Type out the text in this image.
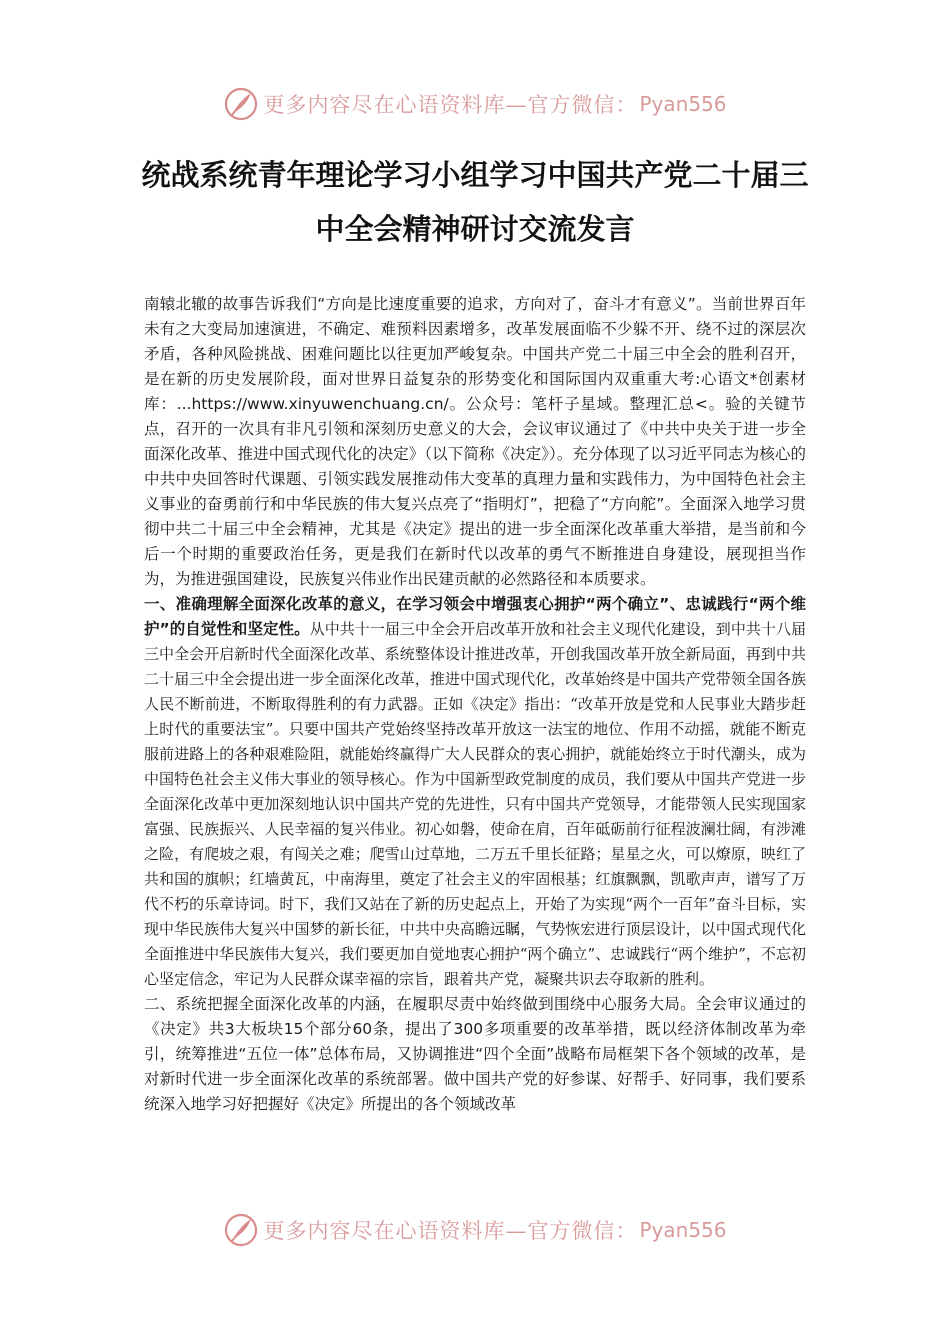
更多内容尽在心语资料库—官方微信： Pyan556
统战系统青年理论学习小组学习中国共产党二十届三中全会精神研讨交流发言

南辕北辙的故事告诉我们“方向是比速度重要的追求，方向对了，奋斗才有意义”。当前世界百年未有之大变局加速演进，不确定、难预料因素增多，改革发展面临不少躲不开、绕不过的深层次矛盾，各种风险挑战、困难问题比以往更加严峻复杂。中国共产党二十届三中全会的胜利召开，是在新的历史发展阶段，面对世界日益复杂的形势变化和国际国内双重重大考:心语文*创素材库：...https://www.xinyuwenchuang.cn/。公众号：笔杆子星域。整理汇总<。验的关键节点，召开的一次具有非凡引领和深刻历史意义的大会，会议审议通过了《中共中央关于进一步全面深化改革、推进中国式现代化的决定》（以下简称《决定》）。充分体现了以习近平同志为核心的中共中央回答时代课题、引领实践发展推动伟大变革的真理力量和实践伟力，为中国特色社会主义事业的奋勇前行和中华民族的伟大复兴点亮了“指明灯”，把稳了“方向舵”。全面深入地学习贯彻中共二十届三中全会精神，尤其是《决定》提出的进一步全面深化改革重大举措，是当前和今后一个时期的重要政治任务，更是我们在新时代以改革的勇气不断推进自身建设，展现担当作为，为推进强国建设，民族复兴伟业作出民建贡献的必然路径和本质要求。

一、准确理解全面深化改革的意义，在学习领会中增强衷心拥护“两个确立”、忠诚践行“两个维护”的自觉性和坚定性。从中共十一届三中全会开启改革开放和社会主义现代化建设，到中共十八届三中全会开启新时代全面深化改革、系统整体设计推进改革，开创我国改革开放全新局面，再到中共二十届三中全会提出进一步全面深化改革，推进中国式现代化，改革始终是中国共产党带领全国各族人民不断前进，不断取得胜利的有力武器。正如《决定》指出：“改革开放是党和人民事业大踏步赶上时代的重要法宝”。只要中国共产党始终坚持改革开放这一法宝的地位、作用不动摇，就能不断克服前进路上的各种艰难险阻，就能始终赢得广大人民群众的衷心拥护，就能始终立于时代潮头，成为中国特色社会主义伟大事业的领导核心。作为中国新型政党制度的成员，我们要从中国共产党进一步全面深化改革中更加深刻地认识中国共产党的先进性，只有中国共产党领导，才能带领人民实现国家富强、民族振兴、人民幸福的复兴伟业。初心如磐，使命在肩，百年砥砺前行征程波澜壮阔，有涉滩之险，有爬坡之艰，有闯关之难；爬雪山过草地，二万五千里长征路；星星之火，可以燎原，映红了共和国的旗帜；红墙黄瓦，中南海里，奠定了社会主义的牢固根基；红旗飘飘，凯歌声声，谱写了万代不朽的乐章诗词。时下，我们又站在了新的历史起点上，开始了为实现“两个一百年”奋斗目标，实现中华民族伟大复兴中国梦的新长征，中共中央高瞻远瞩，气势恢宏进行顶层设计，以中国式现代化全面推进中华民族伟大复兴，我们要更加自觉地衷心拥护“两个确立”、忠诚践行“两个维护”，不忘初心坚定信念，牢记为人民群众谋幸福的宗旨，跟着共产党，凝聚共识去夺取新的胜利。

二、系统把握全面深化改革的内涵，在履职尽责中始终做到围绕中心服务大局。全会审议通过的《决定》共3大板块15个部分60条，提出了300多项重要的改革举措，既以经济体制改革为牵引，统筹推进“五位一体”总体布局，又协调推进“四个全面”战略布局框架下各个领域的改革，是对新时代进一步全面深化改革的系统部署。做中国共产党的好参谋、好帮手、好同事，我们要系统深入地学习好把握好《决定》所提出的各个领域改革

更多内容尽在心语资料库—官方微信： Pyan556
